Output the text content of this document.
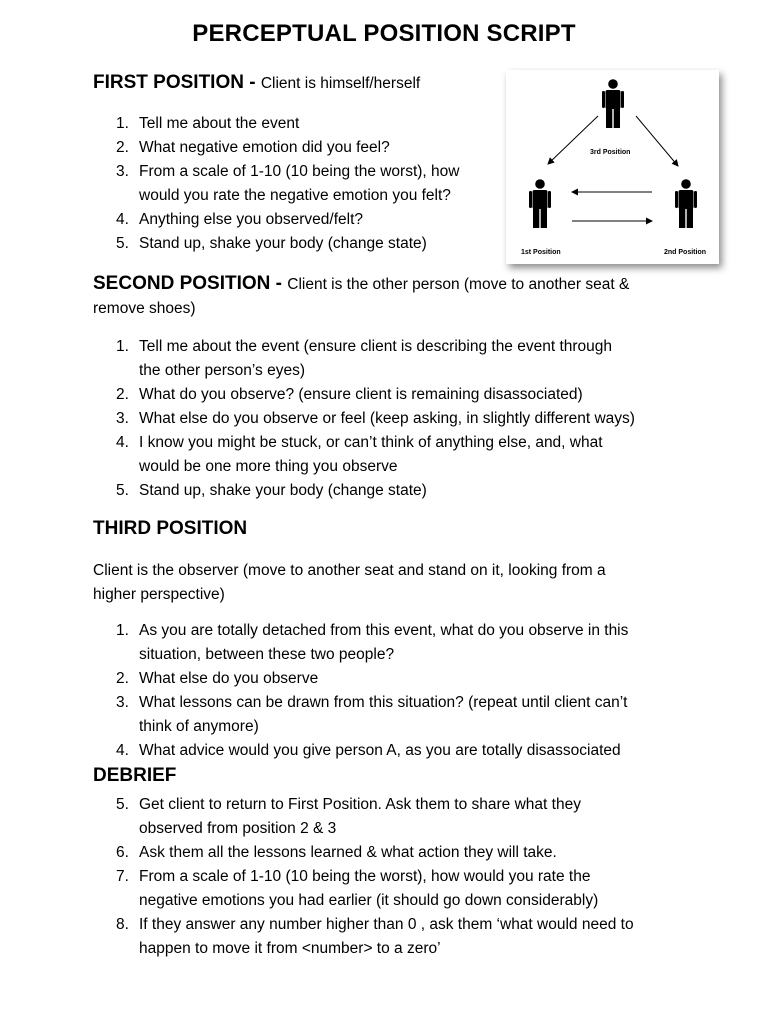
PERCEPTUAL POSITION SCRIPT
FIRST POSITION - Client is himself/herself
1. Tell me about the event
2. What negative emotion did you feel?
3. From a scale of 1-10 (10 being the worst), how
would you rate the negative emotion you felt?
4. Anything else you observed/felt?
5. Stand up, shake your body (change state)
3rd Position
1st Position	2nd Position
SECOND POSITION - Client is the other person (move to another seat &
remove shoes)
1. Tell me about the event (ensure client is describing the event through
the other person’s eyes)
2. What do you observe? (ensure client is remaining disassociated)
3. What else do you observe or feel (keep asking, in slightly different ways)
4. I know you might be stuck, or can’t think of anything else, and, what
would be one more thing you observe
5. Stand up, shake your body (change state)
THIRD POSITION
Client is the observer (move to another seat and stand on it, looking from a
higher perspective)
1. As you are totally detached from this event, what do you observe in this
situation, between these two people?
2. What else do you observe
3. What lessons can be drawn from this situation? (repeat until client can’t
think of anymore)
4. What advice would you give person A, as you are totally disassociated
DEBRIEF
5. Get client to return to First Position. Ask them to share what they
observed from position 2 & 3
6. Ask them all the lessons learned & what action they will take.
7. From a scale of 1-10 (10 being the worst), how would you rate the
negative emotions you had earlier (it should go down considerably)
8. If they answer any number higher than 0 , ask them ‘what would need to
happen to move it from <number> to a zero’
